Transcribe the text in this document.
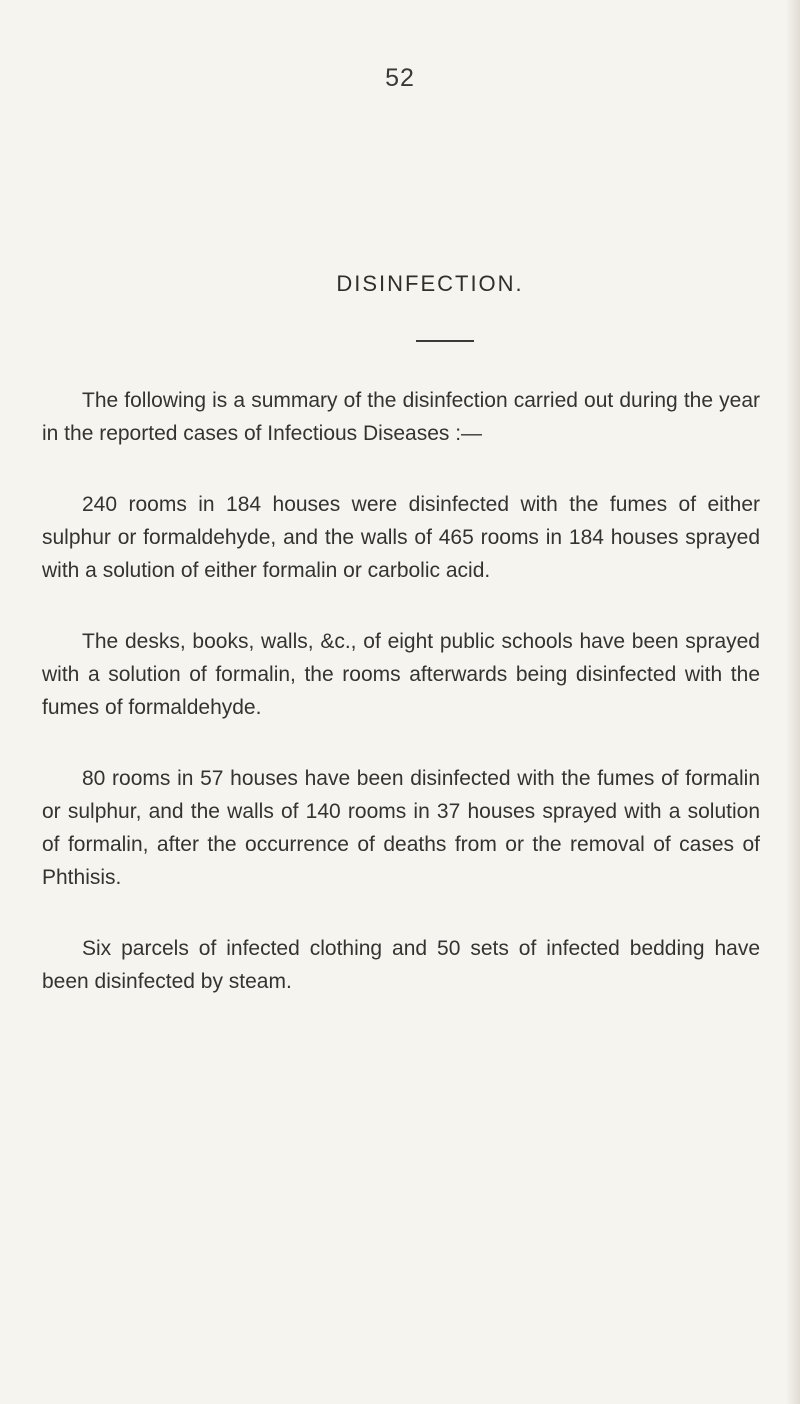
52
DISINFECTION.

The following is a summary of the disinfection carried out during the year in the reported cases of Infectious Diseases :—

240 rooms in 184 houses were disinfected with the fumes of either sulphur or formaldehyde, and the walls of 465 rooms in 184 houses sprayed with a solution of either formalin or carbolic acid.

The desks, books, walls, &c., of eight public schools have been sprayed with a solution of formalin, the rooms afterwards being disinfected with the fumes of formaldehyde.

80 rooms in 57 houses have been disinfected with the fumes of formalin or sulphur, and the walls of 140 rooms in 37 houses sprayed with a solution of formalin, after the occurrence of deaths from or the removal of cases of Phthisis.

Six parcels of infected clothing and 50 sets of infected bedding have been disinfected by steam.
